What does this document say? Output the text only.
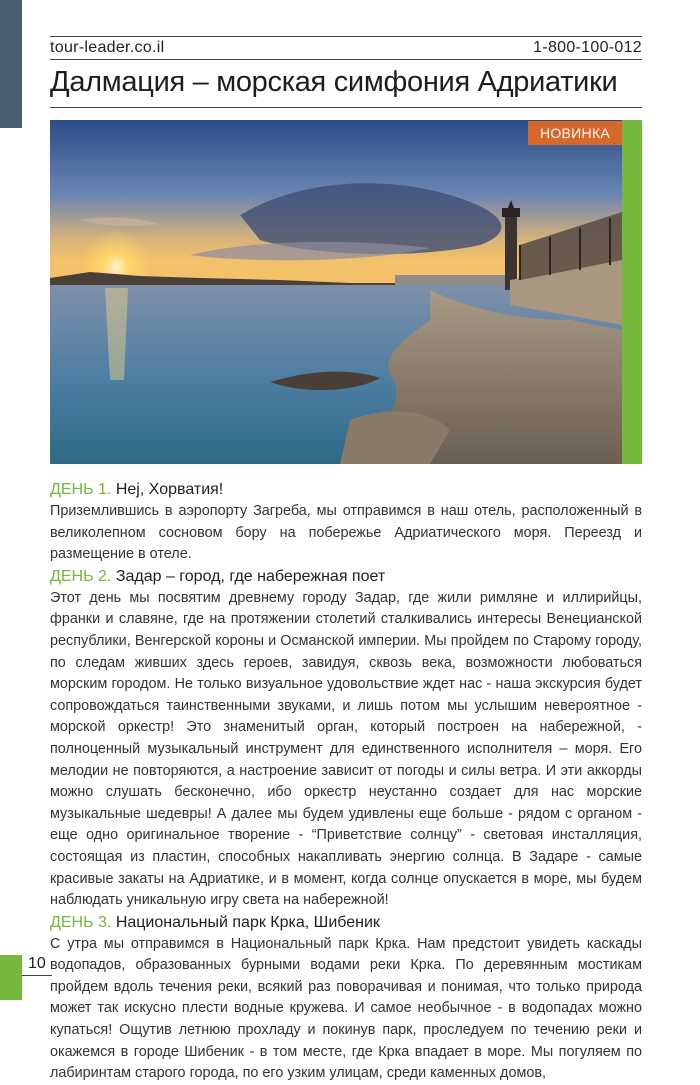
tour-leader.co.il	1-800-100-012
Далмация – морская симфония Адриатики
НОВИНКА
ДЕНЬ 1. Hej, Хорватия!

Приземлившись в аэропорту Загреба, мы отправимся в наш отель, расположенный в великолепном сосновом бору на побережье Адриатического моря. Переезд и размещение в отеле.

ДЕНЬ 2. Задар – город, где набережная поет

Этот день мы посвятим древнему городу Задар, где жили римляне и иллирийцы, франки и славяне, где на протяжении столетий сталкивались интересы Венецианской республики, Венгерской короны и Османской империи. Мы пройдем по Старому городу, по следам живших здесь героев, завидуя, сквозь века, возможности любоваться морским городом. Не только визуальное удовольствие ждет нас - наша экскурсия будет сопровождаться таинственными звуками, и лишь потом мы услышим невероятное - морской оркестр! Это знаменитый орган, который построен на набережной, - полноценный музыкальный инструмент для единственного исполнителя – моря. Его мелодии не повторяются, а настроение зависит от погоды и силы ветра. И эти аккорды можно слушать бесконечно, ибо оркестр неустанно создает для нас морские музыкальные шедевры! А далее мы будем удивлены еще больше - рядом с органом - еще одно оригинальное творение - “Приветствие солнцу” - световая инсталляция, состоящая из пластин, способных накапливать энергию солнца. В Задаре - самые красивые закаты на Адриатике, и в момент, когда солнце опускается в море, мы будем наблюдать уникальную игру света на набережной!

ДЕНЬ 3. Национальный парк Крка, Шибеник

С утра мы отправимся в Национальный парк Крка. Нам предстоит увидеть каскады водопадов, образованных бурными водами реки Крка. По деревянным мостикам пройдем вдоль течения реки, всякий раз поворачивая и понимая, что только природа может так искусно плести водные кружева. И самое необычное - в водопадах можно купаться! Ощутив летнюю прохладу и покинув парк, проследуем по течению реки и окажемся в городе Шибеник - в том месте, где Крка впадает в море. Мы погуляем по лабиринтам старого города, по его узким улицам, среди каменных домов,

10
